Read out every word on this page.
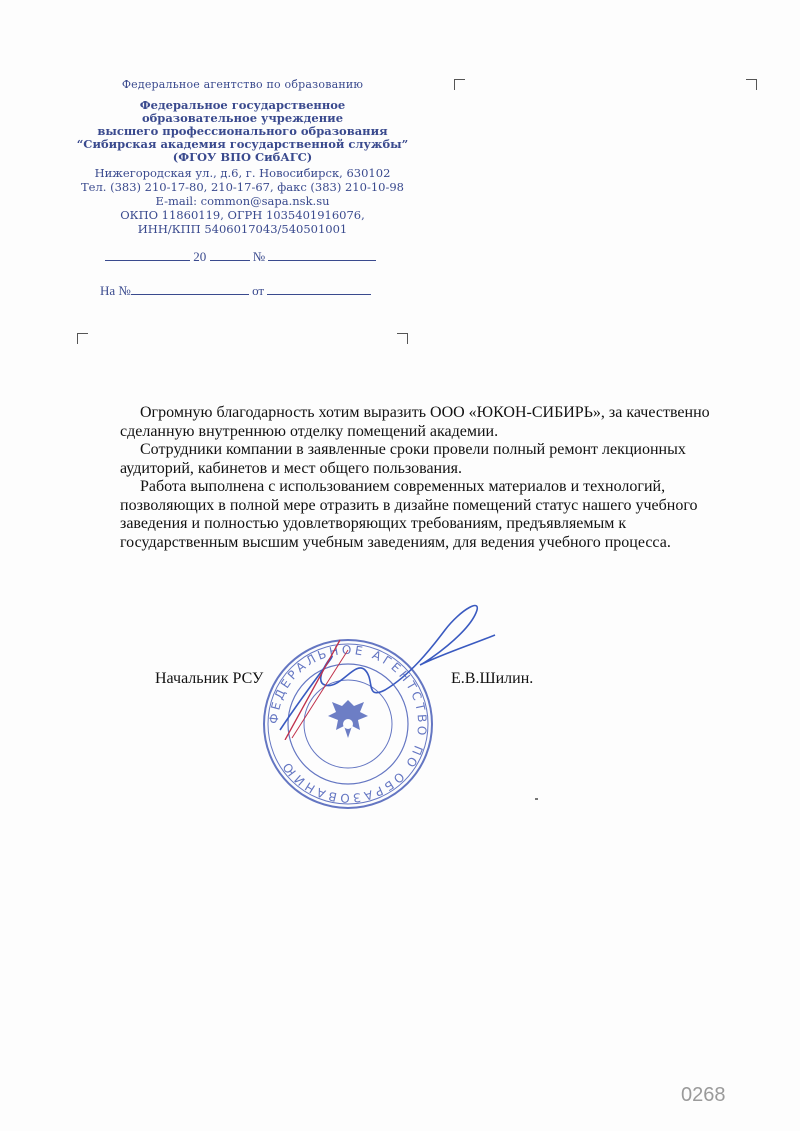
Федеральное агентство по образованию
Федеральное государственное
образовательное учреждение
высшего профессионального образования
“Сибирская академия государственной службы”
(ФГОУ ВПО СибАГС)
Нижегородская ул., д.6, г. Новосибирск, 630102
Тел. (383) 210-17-80, 210-17-67, факс (383) 210-10-98
E-mail: common@sapa.nsk.su
ОКПО 11860119, ОГРН 1035401916076,
ИНН/КПП 5406017043/540501001
20	№
На №	от

Огромную благодарность хотим выразить ООО «ЮКОН-СИБИРЬ», за качественно сделанную внутреннюю отделку помещений академии.

Сотрудники компании в заявленные сроки провели полный ремонт лекционных аудиторий, кабинетов и мест общего пользования.

Работа выполнена с использованием современных материалов и технологий, позволяющих в полной мере отразить в дизайне помещений статус нашего учебного заведения и полностью удовлетворяющих требованиям, предъявляемым к государственным высшим учебным заведениям, для ведения учебного процесса.

ФЕДЕРАЛЬНОЕ АГЕНТСТВО ПО ОБРАЗОВАНИЮ
Начальник РСУ	Е.В.Шилин.
0268
